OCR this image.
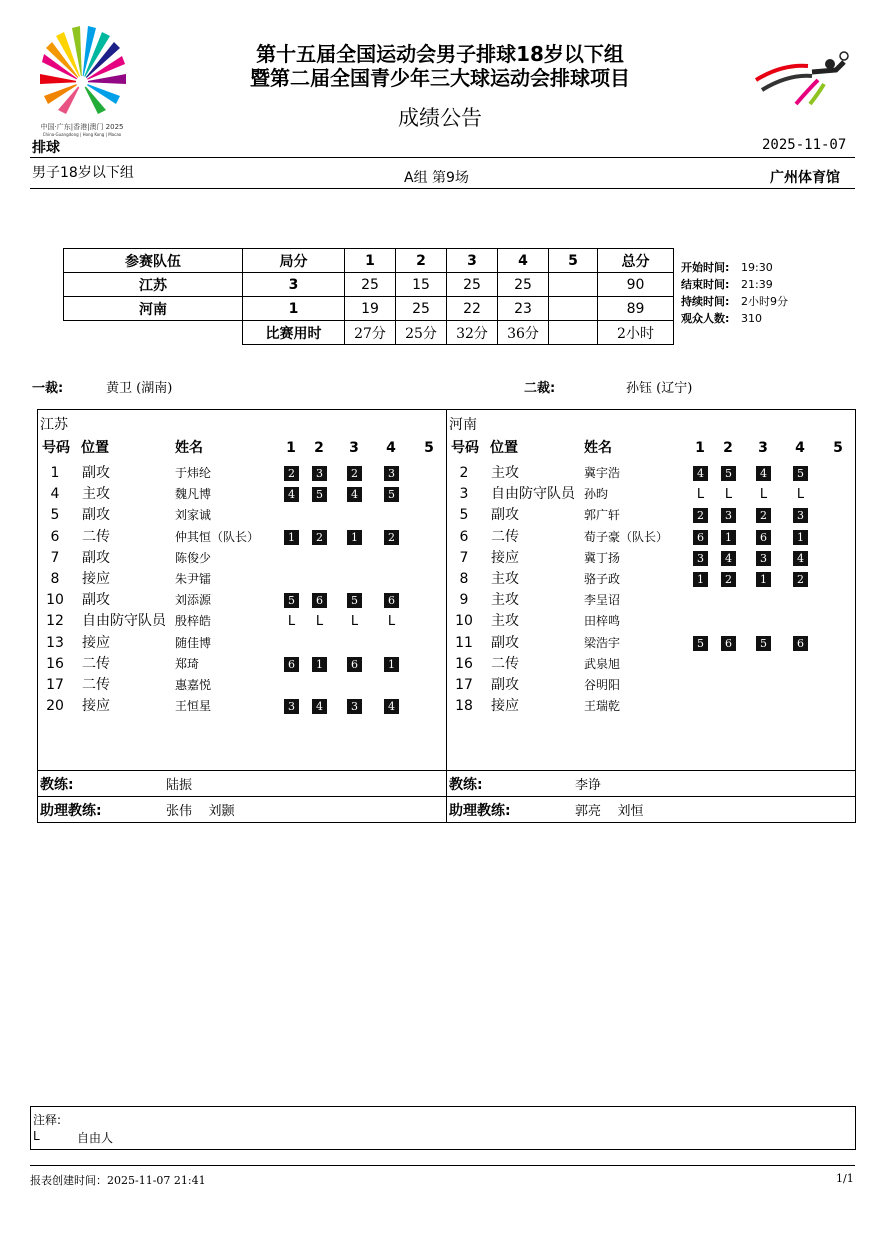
中国·广东|香港|澳门 2025
China·Guangdong | Hong Kong | Macao
第十五届全国运动会男子排球18岁以下组
暨第二届全国青少年三大球运动会排球项目
成绩公告
排球	2025-11-07
男子18岁以下组	A组 第9场	广州体育馆
参赛队伍	局分	1	2	3	4	5	总分
江苏	3	25	15	25	25		90
河南	1	19	25	22	23		89
	比赛用时	27分	25分	32分	36分		2小时
开始时间: 19:30
结束时间: 21:39
持续时间: 2小时9分
观众人数: 310
一裁:	黄卫 (湖南)	二裁:	孙钰 (辽宁)
江苏
号码 位置	姓名	1	2	3	4	5
1	副攻	于炜纶	2	3	2	3
4	主攻	魏凡博	4	5	4	5
5	副攻	刘家诚
6	二传	仲其恒（队长）	1	2	1	2
7	副攻	陈俊少
8	接应	朱尹镭
10	副攻	刘添源	5	6	5	6
12	自由防守队员 殷梓皓	L L L L
13	接应	随佳博
16	二传	郑琦	6	1	6	1
17	二传	惠嘉悦
20	接应	王恒星	3	4	3	4
教练:	陆振
助理教练:	张伟    刘颢
河南
号码 位置	姓名	1	2	3	4	5
2	主攻	冀宇浩	4	5	4	5
3	自由防守队员 孙昀	L L L L
5	副攻	郭广轩	2	3	2	3
6	二传	荀子豪（队长）	6	1	6	1
7	接应	冀丁扬	3	4	3	4
8	主攻	骆子政	1	2	1	2
9	主攻	李呈诏
10	主攻	田梓鸣
11	副攻	梁浩宇	5	6	5	6
16	二传	武泉旭
17	副攻	谷明阳
18	接应	王瑞乾
教练:	李诤
助理教练:	郭亮    刘恒
注释:
L	自由人
报表创建时间：2025-11-07 21:41	1/1
